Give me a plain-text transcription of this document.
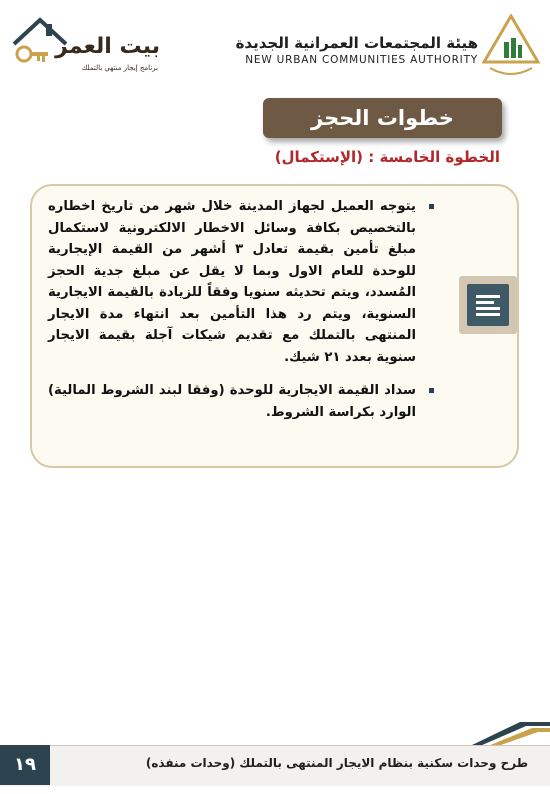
بيت العمر
برنامج إيجار منتهي بالتملك
هيئة المجتمعات العمرانية الجديدة
NEW URBAN COMMUNITIES AUTHORITY
خطوات الحجز
الخطوة الخامسة : (الإستكمال)
يتوجه العميل لجهاز المدينة خلال شهر من تاريخ اخطاره بالتخصيص بكافة وسائل الاخطار الالكترونية لاستكمال مبلغ تأمين بقيمة تعادل ٣ أشهر من القيمة الإيجارية للوحدة للعام الاول وبما لا يقل عن مبلغ جدية الحجز المُسدد، ويتم تحديثه سنويا وفقاً للزيادة بالقيمة الايجارية السنوية، ويتم رد هذا التأمين بعد انتهاء مدة الايجار المنتهى بالتملك مع تقديم شيكات آجلة بقيمة الايجار سنوية بعدد ٢١ شيك.
سداد القيمة الايجارية للوحدة (وفقا لبند الشروط المالية) الوارد بكراسة الشروط.
طرح وحدات سكنية بنظام الايجار المنتهى بالتملك (وحدات منفذه)
١٩
